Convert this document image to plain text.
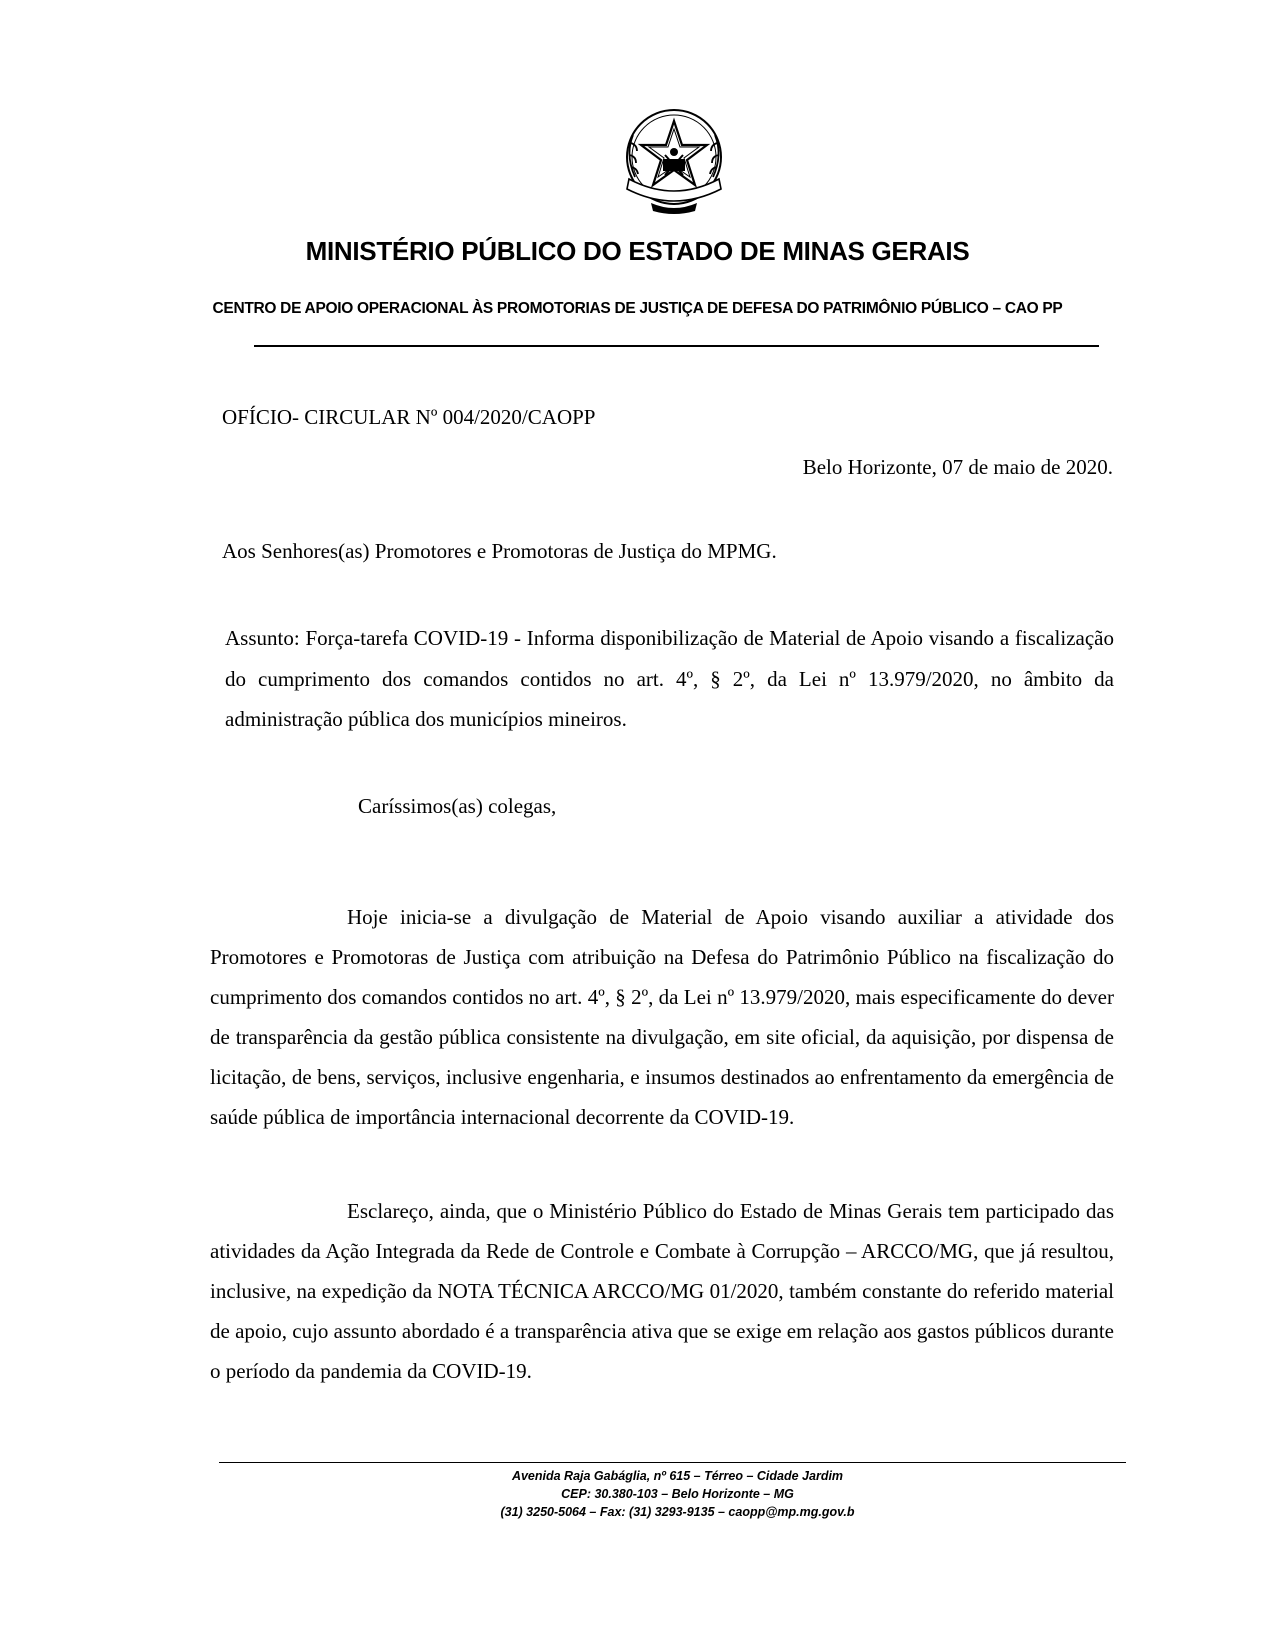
MINISTÉRIO PÚBLICO DO ESTADO DE MINAS GERAIS
CENTRO DE APOIO OPERACIONAL ÀS PROMOTORIAS DE JUSTIÇA DE DEFESA DO PATRIMÔNIO PÚBLICO – CAO PP
OFÍCIO- CIRCULAR Nº 004/2020/CAOPP
Belo Horizonte, 07 de maio de 2020.
Aos Senhores(as) Promotores e Promotoras de Justiça do MPMG.
Assunto: Força-tarefa COVID-19 - Informa disponibilização de Material de Apoio visando a fiscalização do cumprimento dos comandos contidos no art. 4º, § 2º, da Lei nº 13.979/2020, no âmbito da administração pública dos municípios mineiros.
Caríssimos(as) colegas,
Hoje inicia-se a divulgação de Material de Apoio visando auxiliar a atividade dos Promotores e Promotoras de Justiça com atribuição na Defesa do Patrimônio Público na fiscalização do cumprimento dos comandos contidos no art. 4º, § 2º, da Lei nº 13.979/2020, mais especificamente do dever de transparência da gestão pública consistente na divulgação, em site oficial, da aquisição, por dispensa de licitação, de bens, serviços, inclusive engenharia, e insumos destinados ao enfrentamento da emergência de saúde pública de importância internacional decorrente da COVID-19.
Esclareço, ainda, que o Ministério Público do Estado de Minas Gerais tem participado das atividades da Ação Integrada da Rede de Controle e Combate à Corrupção – ARCCO/MG, que já resultou, inclusive, na expedição da NOTA TÉCNICA ARCCO/MG 01/2020, também constante do referido material de apoio, cujo assunto abordado é a transparência ativa que se exige em relação aos gastos públicos durante o período da pandemia da COVID-19.
Avenida Raja Gabáglia, nº 615 – Térreo – Cidade Jardim
CEP: 30.380-103 – Belo Horizonte – MG
(31) 3250-5064 – Fax: (31) 3293-9135 – caopp@mp.mg.gov.b
